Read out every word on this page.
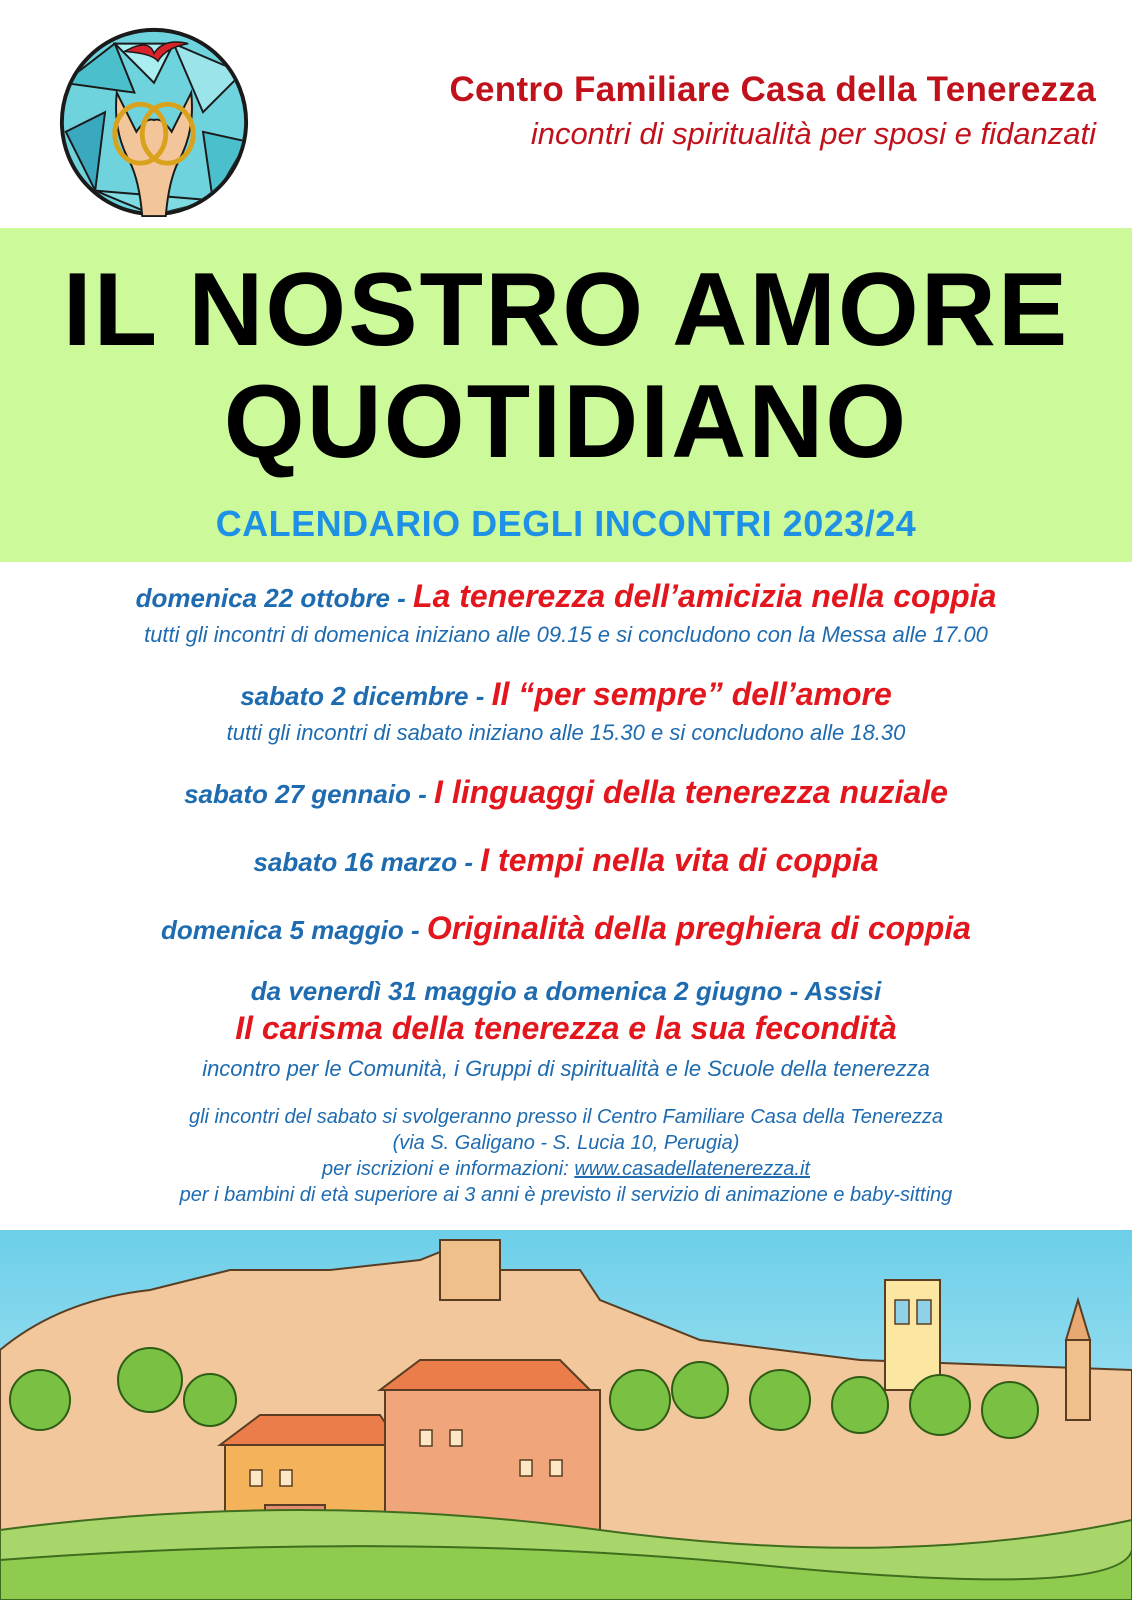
Centro Familiare Casa della Tenerezza
incontri di spiritualità per sposi e fidanzati
IL NOSTRO AMORE
QUOTIDIANO
CALENDARIO DEGLI INCONTRI 2023/24
domenica 22 ottobre - La tenerezza dell’amicizia nella coppia
tutti gli incontri di domenica iniziano alle 09.15 e si concludono con la Messa alle 17.00
sabato 2 dicembre - Il “per sempre” dell’amore
tutti gli incontri di sabato iniziano alle 15.30 e si concludono alle 18.30
sabato 27 gennaio - I linguaggi della tenerezza nuziale
sabato 16 marzo - I tempi nella vita di coppia
domenica 5 maggio - Originalità della preghiera di coppia
da venerdì 31 maggio a domenica 2 giugno - Assisi
Il carisma della tenerezza e la sua fecondità
incontro per le Comunità, i Gruppi di spiritualità e le Scuole della tenerezza
gli incontri del sabato si svolgeranno presso il Centro Familiare Casa della Tenerezza
(via S. Galigano - S. Lucia 10, Perugia)
per iscrizioni e informazioni: www.casadellatenerezza.it
per i bambini di età superiore ai 3 anni è previsto il servizio di animazione e baby-sitting
